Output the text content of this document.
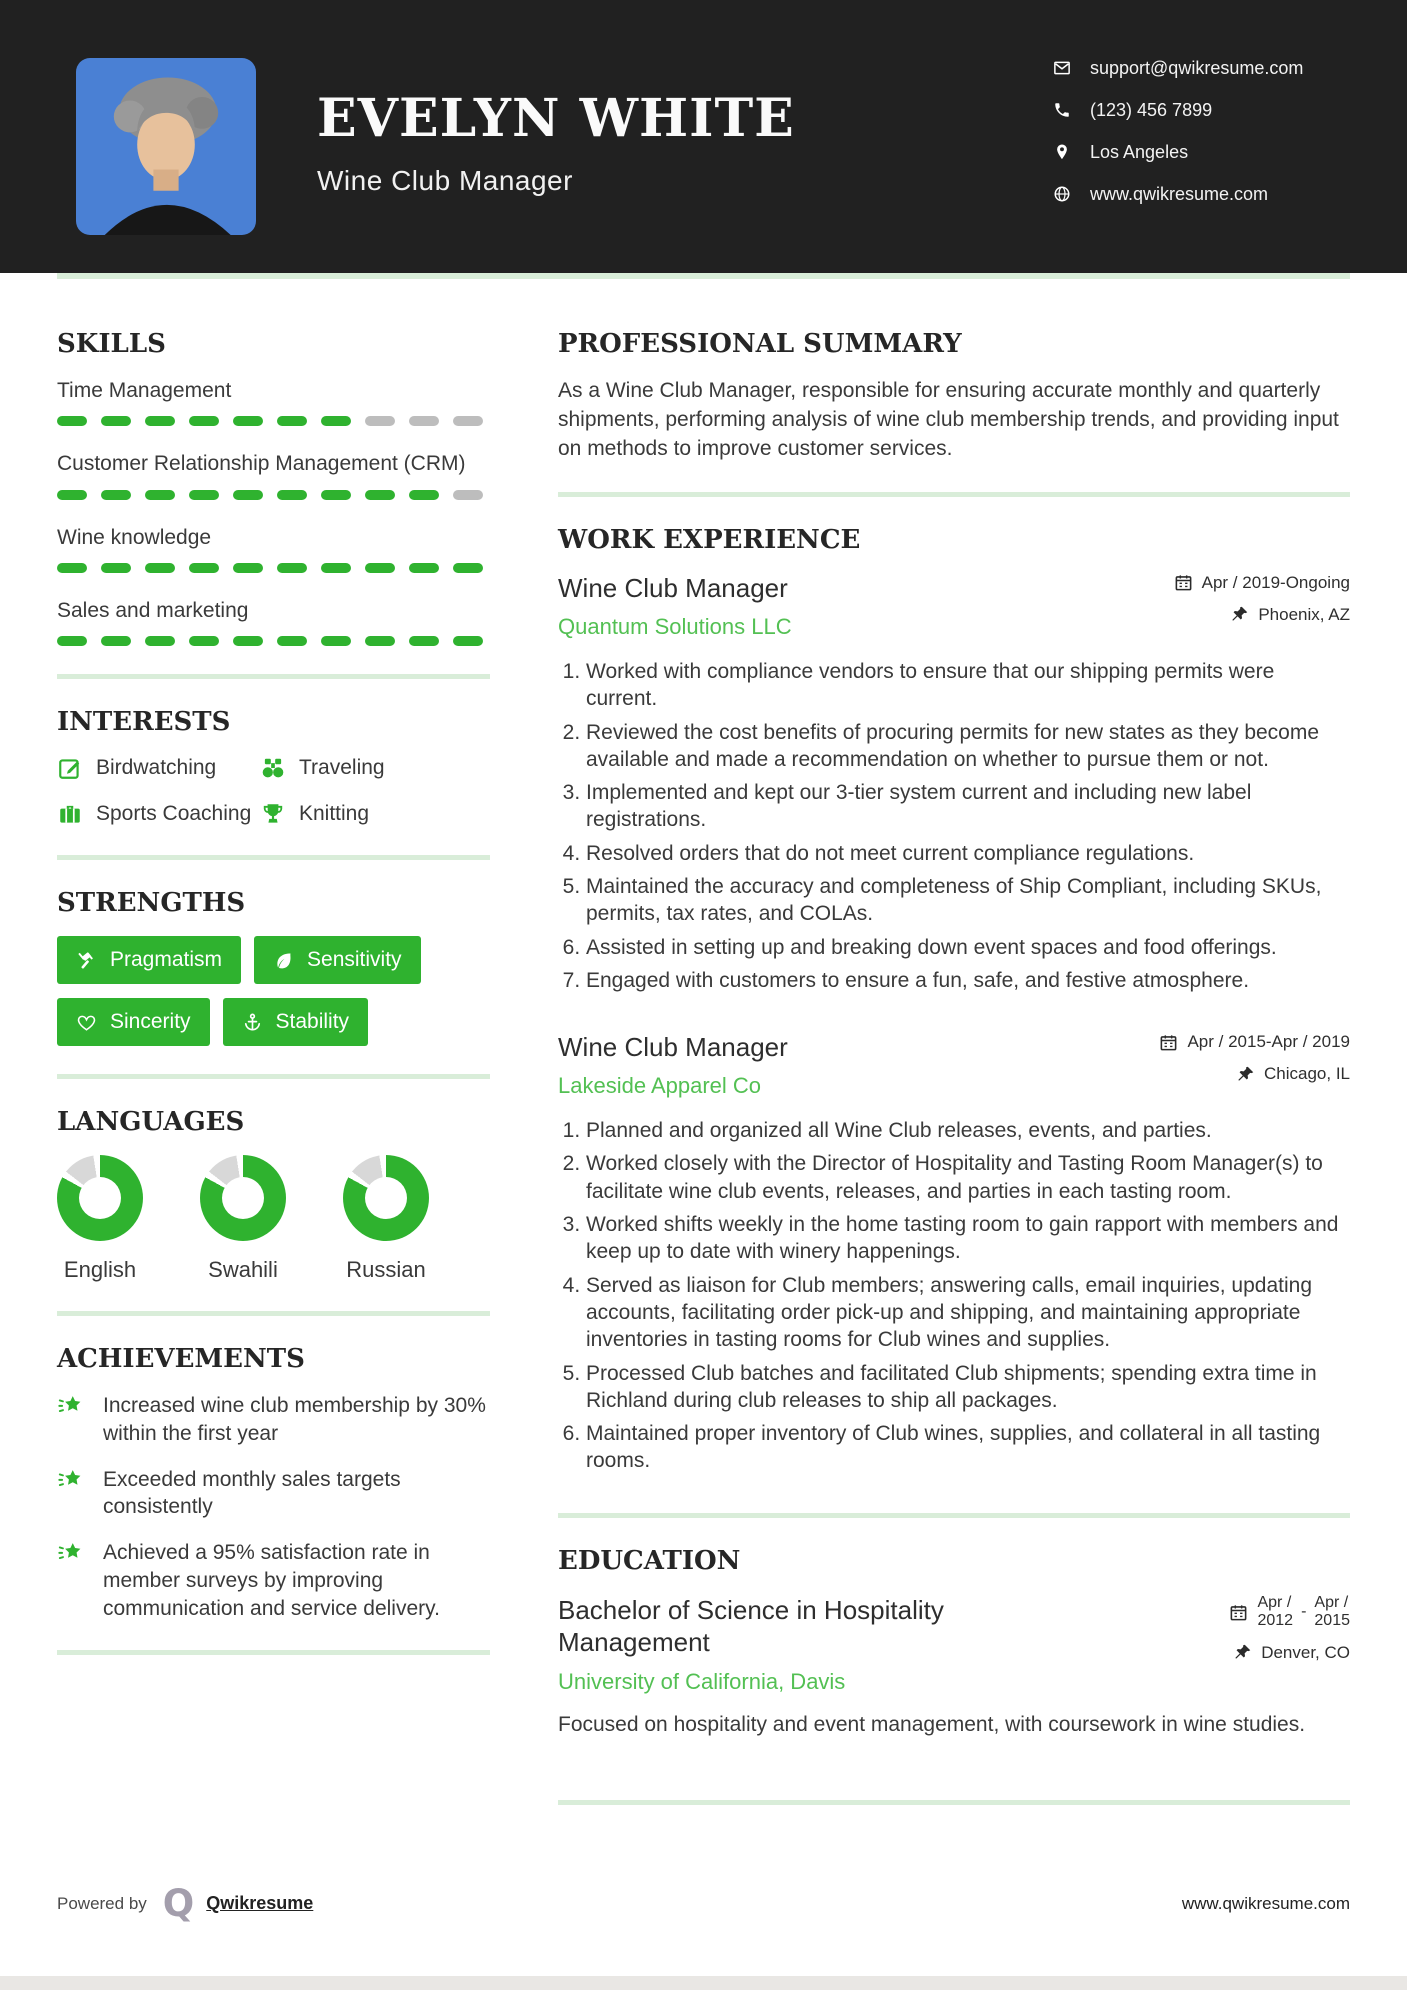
EVELYN WHITE
Wine Club Manager
support@qwikresume.com
(123) 456 7899
Los Angeles
www.qwikresume.com
SKILLS
Time Management
Customer Relationship Management (CRM)
Wine knowledge
Sales and marketing
INTERESTS
Birdwatching	Traveling
Sports Coaching Knitting
STRENGTHS
Pragmatism	Sensitivity
Sincerity	Stability
LANGUAGES
English	Swahili	Russian
ACHIEVEMENTS
Increased wine club membership by 30% within the first year
Exceeded monthly sales targets consistently
Achieved a 95% satisfaction rate in member surveys by improving communication and service delivery.
PROFESSIONAL SUMMARY

As a Wine Club Manager, responsible for ensuring accurate monthly and quarterly shipments, performing analysis of wine club membership trends, and providing input on methods to improve customer services.

WORK EXPERIENCE
Wine Club Manager
Quantum Solutions LLC
Apr / 2019-Ongoing
Phoenix, AZ
1. Worked with compliance vendors to ensure that our shipping permits were current.
2. Reviewed the cost benefits of procuring permits for new states as they become available and made a recommendation on whether to pursue them or not.
3. Implemented and kept our 3-tier system current and including new label registrations.
4. Resolved orders that do not meet current compliance regulations.
5. Maintained the accuracy and completeness of Ship Compliant, including SKUs, permits, tax rates, and COLAs.
6. Assisted in setting up and breaking down event spaces and food offerings.
7. Engaged with customers to ensure a fun, safe, and festive atmosphere.
Wine Club Manager
Lakeside Apparel Co
Apr / 2015-Apr / 2019
Chicago, IL
1. Planned and organized all Wine Club releases, events, and parties.
2. Worked closely with the Director of Hospitality and Tasting Room Manager(s) to facilitate wine club events, releases, and parties in each tasting room.
3. Worked shifts weekly in the home tasting room to gain rapport with members and keep up to date with winery happenings.
4. Served as liaison for Club members; answering calls, email inquiries, updating accounts, facilitating order pick-up and shipping, and maintaining appropriate inventories in tasting rooms for Club wines and supplies.
5. Processed Club batches and facilitated Club shipments; spending extra time in Richland during club releases to ship all packages.
6. Maintained proper inventory of Club wines, supplies, and collateral in all tasting rooms.
EDUCATION
Bachelor of Science in Hospitality Management
University of California, Davis
Apr /
2012
-
Apr /
2015
Denver, CO

Focused on hospitality and event management, with coursework in wine studies.

Powered by Q Qwikresume	www.qwikresume.com
